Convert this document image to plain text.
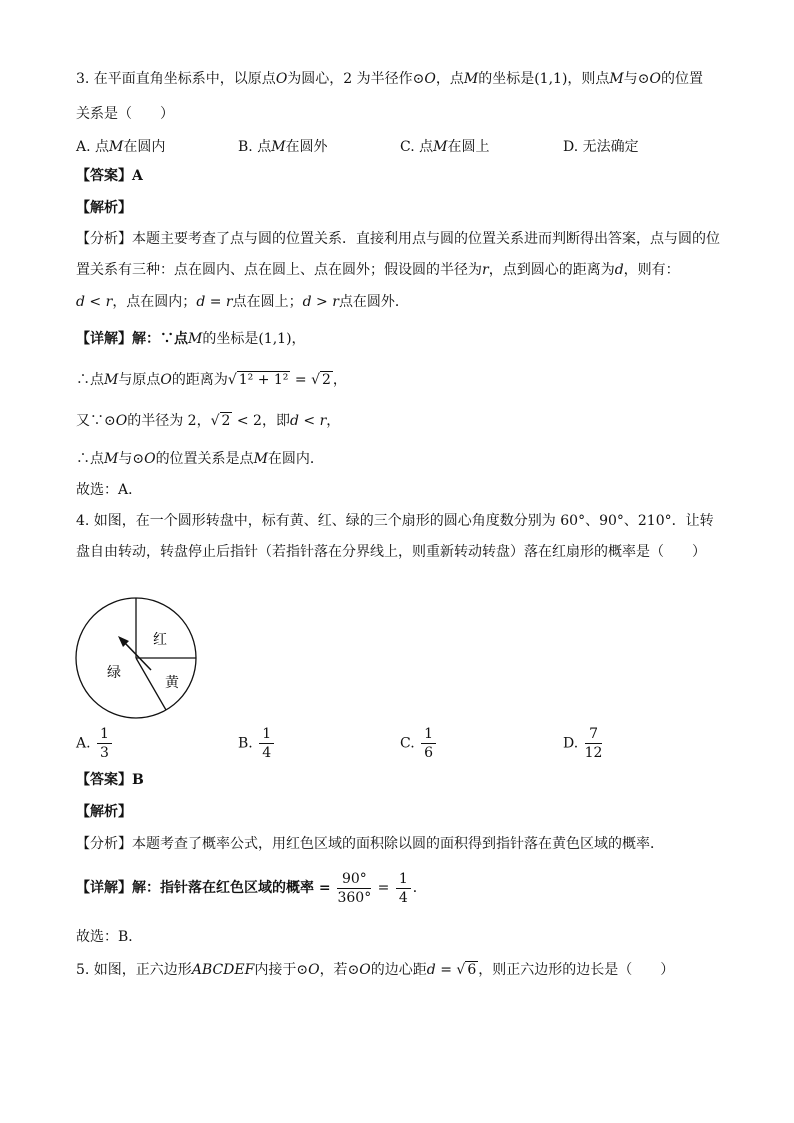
3. 在平面直角坐标系中，以原点O为圆心，2 为半径作⊙O，点M的坐标是(1,1)，则点M与⊙O的位置
关系是（　　）
A. 点M在圆内	B. 点M在圆外	C. 点M在圆上	D. 无法确定
【答案】A
【解析】
【分析】本题主要考查了点与圆的位置关系．直接利用点与圆的位置关系进而判断得出答案，点与圆的位
置关系有三种：点在圆内、点在圆上、点在圆外；假设圆的半径为r，点到圆心的距离为d，则有：
d < r，点在圆内；d = r点在圆上；d > r点在圆外．
【详解】解：∵点M的坐标是(1,1)，
∴点M与原点O的距离为√ 1² + 1² = √ 2 ，
又∵⊙O的半径为 2，√ 2 < 2，即d < r，
∴点M与⊙O的位置关系是点M在圆内．
故选：A．
4. 如图，在一个圆形转盘中，标有黄、红、绿的三个扇形的圆心角度数分别为 60°、90°、210°．让转
盘自由转动，转盘停止后指针（若指针落在分界线上，则重新转动转盘）落在红扇形的概率是（　　）
红
黄
绿
A. $\frac{1}{3}$	B. $\frac{1}{4}$	C. $\frac{1}{6}$	D. $\frac{7}{12}$
【答案】B
【解析】
【分析】本题考查了概率公式，用红色区域的面积除以圆的面积得到指针落在黄色区域的概率．
【详解】解：指针落在红色区域的概率 = $\frac{90^\circ}{360^\circ} = \frac{1}{4}$ ．
故选：B．
5. 如图，正六边形ABCDEF内接于⊙O，若⊙O的边心距d = √ 6 ，则正六边形的边长是（　　）
